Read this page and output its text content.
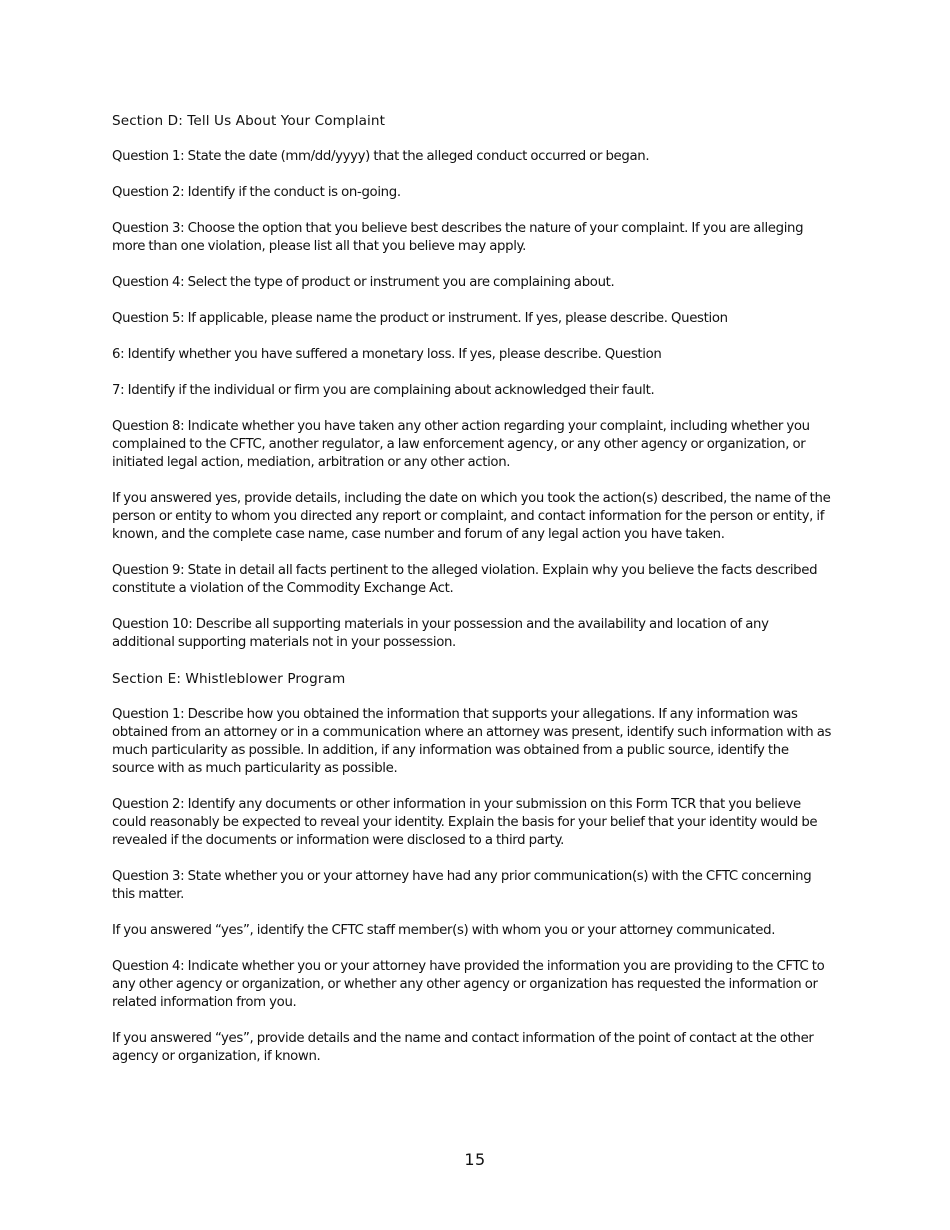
Section D: Tell Us About Your Complaint
Question 1: State the date (mm/dd/yyyy) that the alleged conduct occurred or began.
Question 2: Identify if the conduct is on-going.
Question 3: Choose the option that you believe best describes the nature of your complaint. If you are alleging more than one violation, please list all that you believe may apply.
Question 4: Select the type of product or instrument you are complaining about.
Question 5: If applicable, please name the product or instrument. If yes, please describe. Question
6: Identify whether you have suffered a monetary loss. If yes, please describe. Question
7: Identify if the individual or firm you are complaining about acknowledged their fault.
Question 8: Indicate whether you have taken any other action regarding your complaint, including whether you complained to the CFTC, another regulator, a law enforcement agency, or any other agency or organization, or initiated legal action, mediation, arbitration or any other action.
If you answered yes, provide details, including the date on which you took the action(s) described, the name of the person or entity to whom you directed any report or complaint, and contact information for the person or entity, if known, and the complete case name, case number and forum of any legal action you have taken.
Question 9: State in detail all facts pertinent to the alleged violation. Explain why you believe the facts described constitute a violation of the Commodity Exchange Act.
Question 10: Describe all supporting materials in your possession and the availability and location of any additional supporting materials not in your possession.
Section E: Whistleblower Program
Question 1: Describe how you obtained the information that supports your allegations. If any information was obtained from an attorney or in a communication where an attorney was present, identify such information with as much particularity as possible. In addition, if any information was obtained from a public source, identify the source with as much particularity as possible.
Question 2: Identify any documents or other information in your submission on this Form TCR that you believe could reasonably be expected to reveal your identity. Explain the basis for your belief that your identity would be revealed if the documents or information were disclosed to a third party.
Question 3: State whether you or your attorney have had any prior communication(s) with the CFTC concerning this matter.
If you answered “yes”, identify the CFTC staff member(s) with whom you or your attorney communicated.
Question 4: Indicate whether you or your attorney have provided the information you are providing to the CFTC to any other agency or organization, or whether any other agency or organization has requested the information or related information from you.
If you answered “yes”, provide details and the name and contact information of the point of contact at the other agency or organization, if known.
15
